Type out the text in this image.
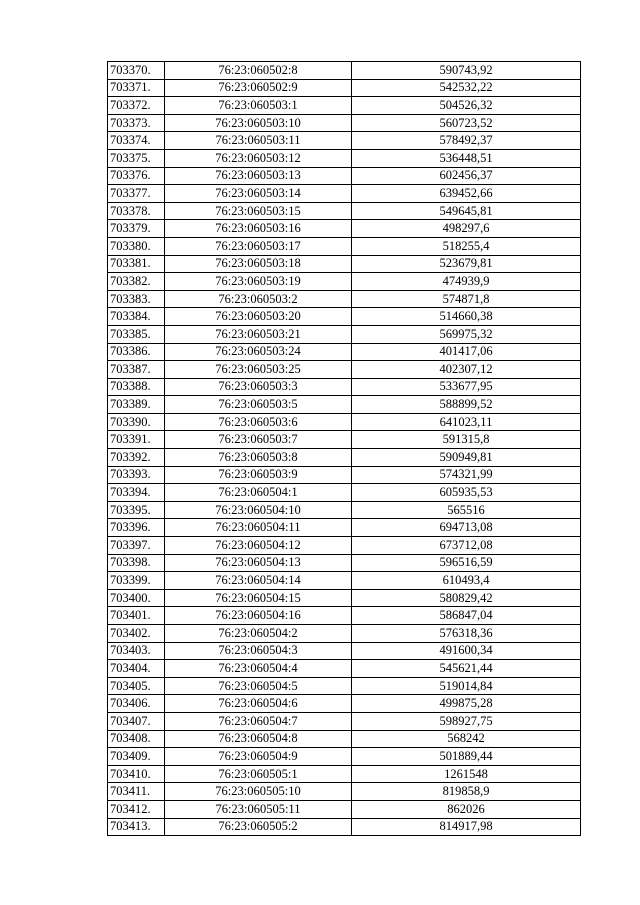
703370.	76:23:060502:8	590743,92
703371.	76:23:060502:9	542532,22
703372.	76:23:060503:1	504526,32
703373.	76:23:060503:10	560723,52
703374.	76:23:060503:11	578492,37
703375.	76:23:060503:12	536448,51
703376.	76:23:060503:13	602456,37
703377.	76:23:060503:14	639452,66
703378.	76:23:060503:15	549645,81
703379.	76:23:060503:16	498297,6
703380.	76:23:060503:17	518255,4
703381.	76:23:060503:18	523679,81
703382.	76:23:060503:19	474939,9
703383.	76:23:060503:2	574871,8
703384.	76:23:060503:20	514660,38
703385.	76:23:060503:21	569975,32
703386.	76:23:060503:24	401417,06
703387.	76:23:060503:25	402307,12
703388.	76:23:060503:3	533677,95
703389.	76:23:060503:5	588899,52
703390.	76:23:060503:6	641023,11
703391.	76:23:060503:7	591315,8
703392.	76:23:060503:8	590949,81
703393.	76:23:060503:9	574321,99
703394.	76:23:060504:1	605935,53
703395.	76:23:060504:10	565516
703396.	76:23:060504:11	694713,08
703397.	76:23:060504:12	673712,08
703398.	76:23:060504:13	596516,59
703399.	76:23:060504:14	610493,4
703400.	76:23:060504:15	580829,42
703401.	76:23:060504:16	586847,04
703402.	76:23:060504:2	576318,36
703403.	76:23:060504:3	491600,34
703404.	76:23:060504:4	545621,44
703405.	76:23:060504:5	519014,84
703406.	76:23:060504:6	499875,28
703407.	76:23:060504:7	598927,75
703408.	76:23:060504:8	568242
703409.	76:23:060504:9	501889,44
703410.	76:23:060505:1	1261548
703411.	76:23:060505:10	819858,9
703412.	76:23:060505:11	862026
703413.	76:23:060505:2	814917,98
